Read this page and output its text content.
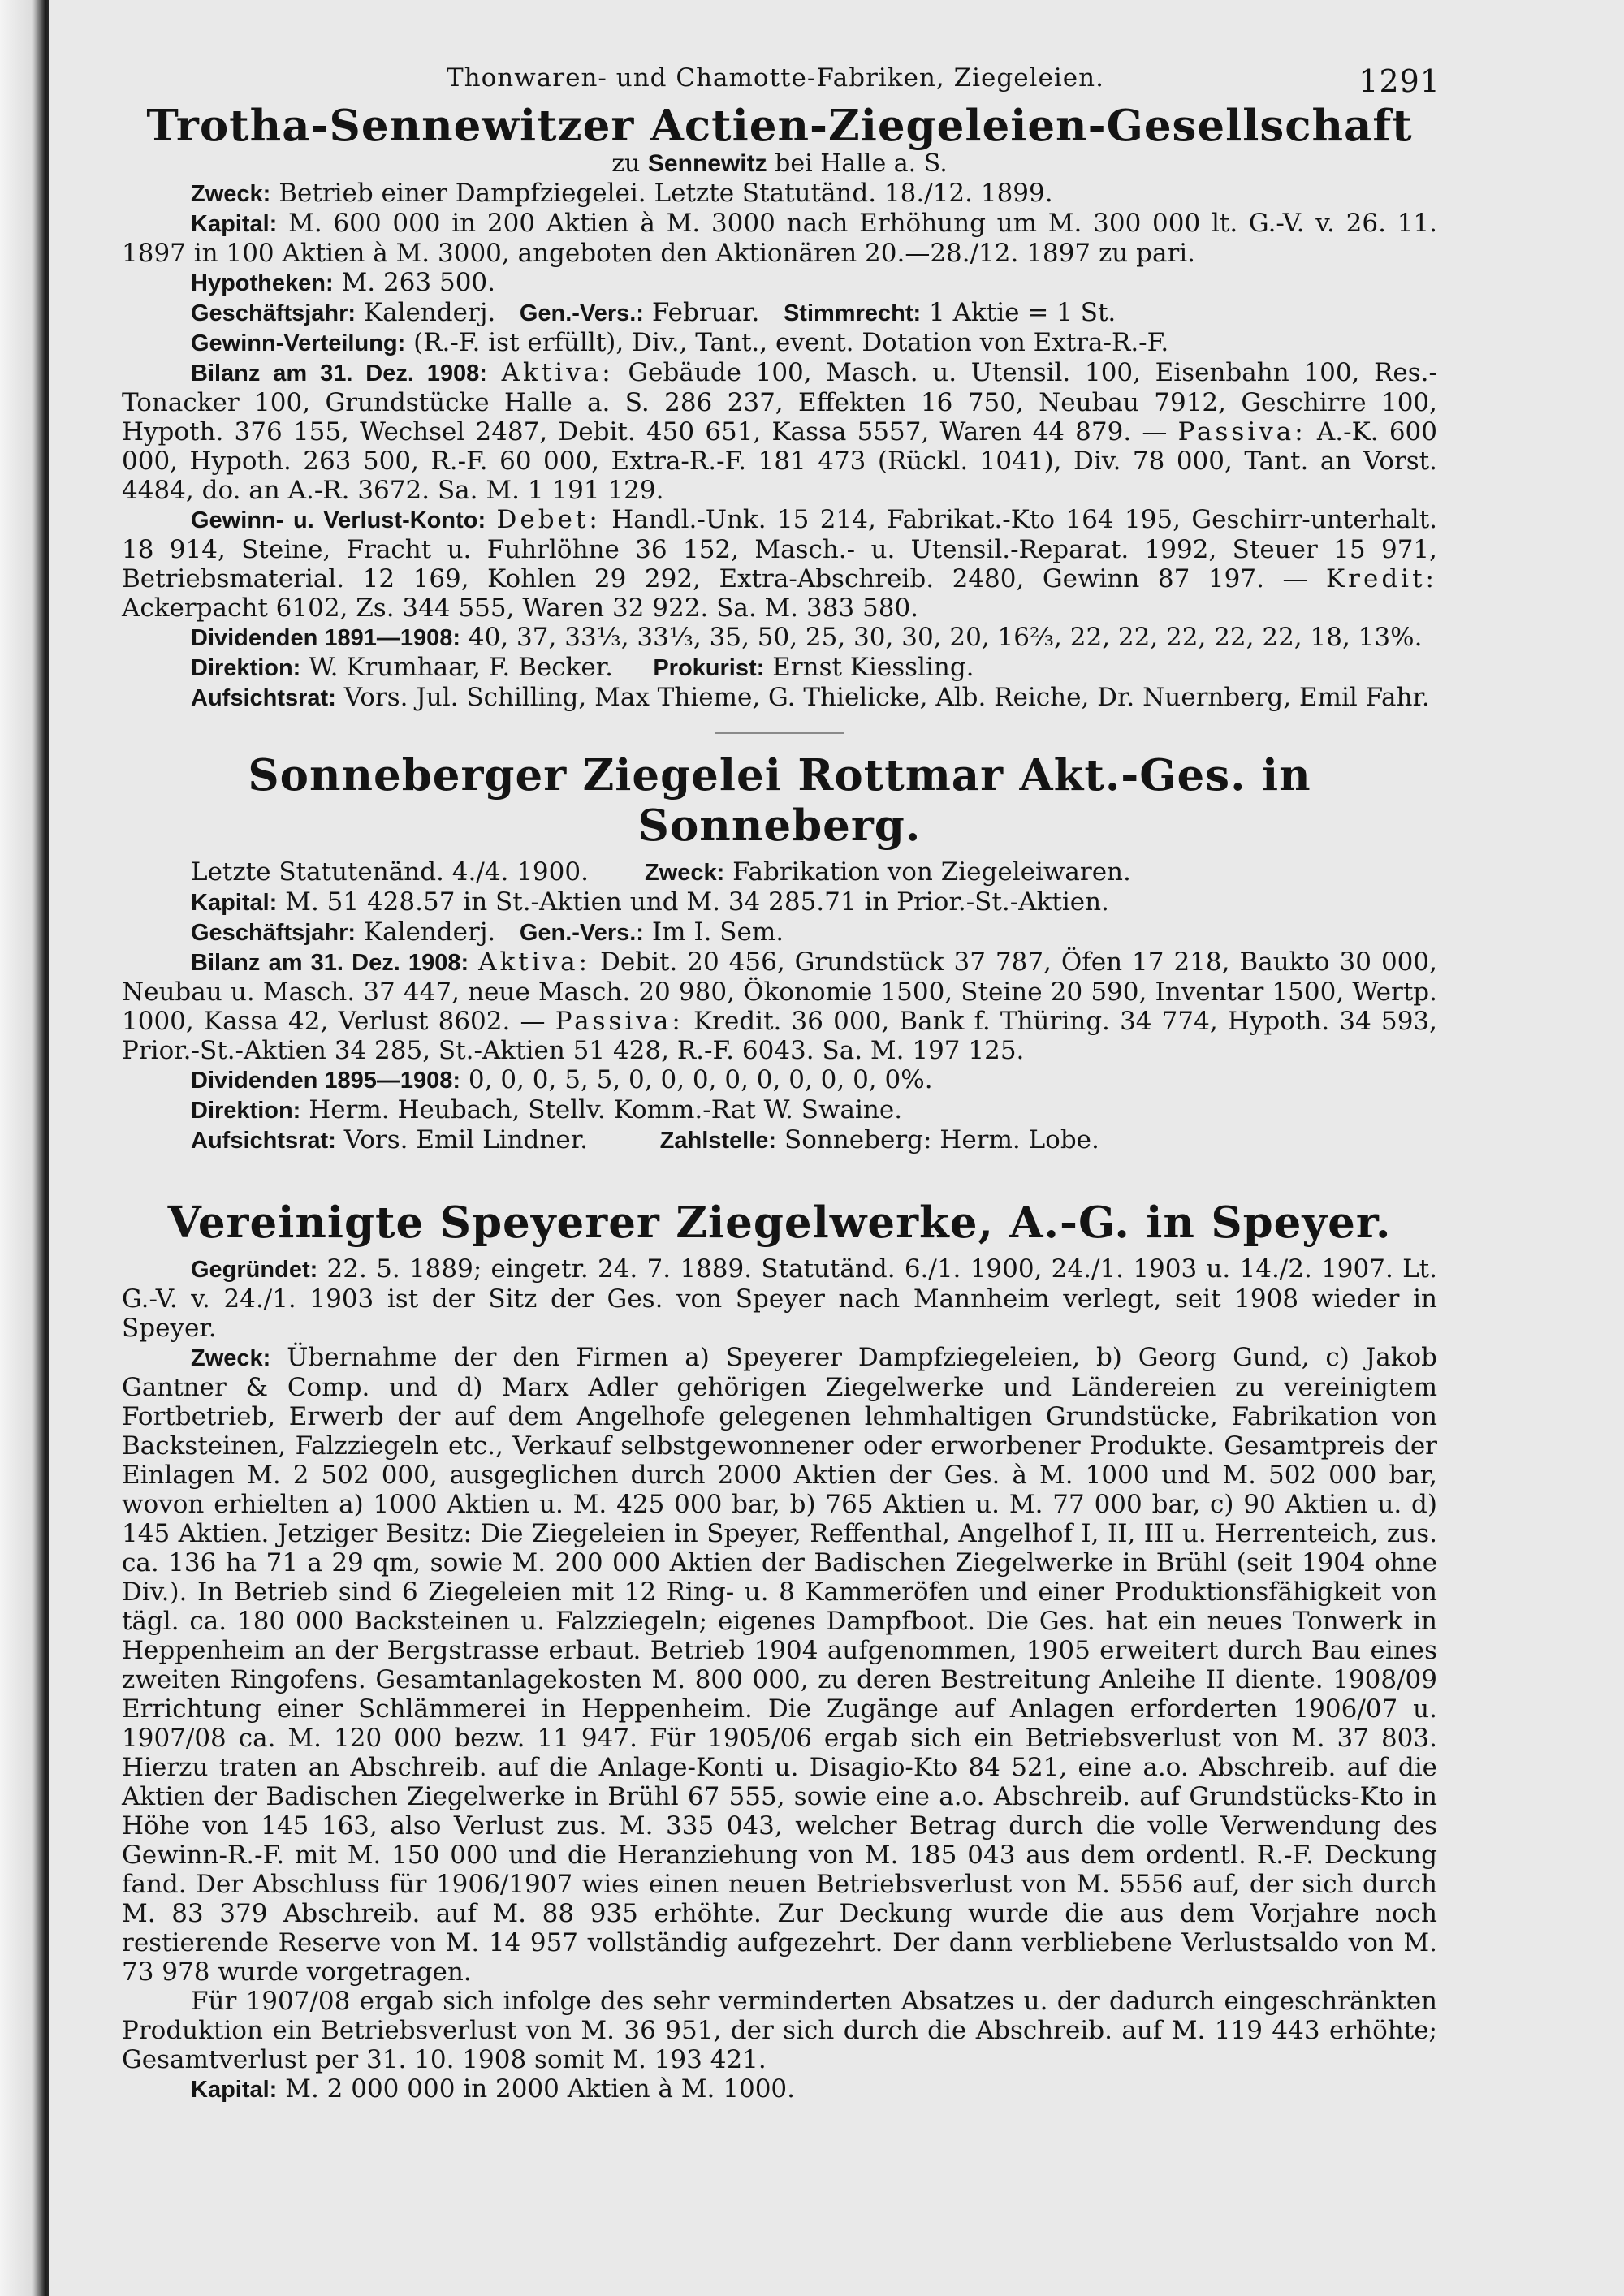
Thonwaren- und Chamotte-Fabriken, Ziegeleien.	1291
Trotha-Sennewitzer Actien-Ziegeleien-Gesellschaft
zu Sennewitz bei Halle a. S.

Zweck: Betrieb einer Dampfziegelei. Letzte Statutänd. 18./12. 1899.

Kapital: M. 600 000 in 200 Aktien à M. 3000 nach Erhöhung um M. 300 000 lt. G.-V. v. 26. 11. 1897 in 100 Aktien à M. 3000, angeboten den Aktionären 20.—28./12. 1897 zu pari.

Hypotheken: M. 263 500.

Geschäftsjahr: Kalenderj. Gen.-Vers.: Februar. Stimmrecht: 1 Aktie = 1 St.

Gewinn-Verteilung: (R.-F. ist erfüllt), Div., Tant., event. Dotation von Extra-R.-F.

Bilanz am 31. Dez. 1908: Aktiva: Gebäude 100, Masch. u. Utensil. 100, Eisenbahn 100, Res.-Tonacker 100, Grundstücke Halle a. S. 286 237, Effekten 16 750, Neubau 7912, Geschirre 100, Hypoth. 376 155, Wechsel 2487, Debit. 450 651, Kassa 5557, Waren 44 879. — Passiva: A.-K. 600 000, Hypoth. 263 500, R.-F. 60 000, Extra-R.-F. 181 473 (Rückl. 1041), Div. 78 000, Tant. an Vorst. 4484, do. an A.-R. 3672. Sa. M. 1 191 129.

Gewinn- u. Verlust-Konto: Debet: Handl.-Unk. 15 214, Fabrikat.-Kto 164 195, Geschirr-unterhalt. 18 914, Steine, Fracht u. Fuhrlöhne 36 152, Masch.- u. Utensil.-Reparat. 1992, Steuer 15 971, Betriebsmaterial. 12 169, Kohlen 29 292, Extra-Abschreib. 2480, Gewinn 87 197. — Kredit: Ackerpacht 6102, Zs. 344 555, Waren 32 922. Sa. M. 383 580.

Dividenden 1891—1908: 40, 37, 33⅓, 33⅓, 35, 50, 25, 30, 30, 20, 16⅔, 22, 22, 22, 22, 22, 18, 13%.

Direktion: W. Krumhaar, F. Becker. Prokurist: Ernst Kiessling.

Aufsichtsrat: Vors. Jul. Schilling, Max Thieme, G. Thielicke, Alb. Reiche, Dr. Nuernberg, Emil Fahr.

Sonneberger Ziegelei Rottmar Akt.-Ges. in Sonneberg.

Letzte Statutenänd. 4./4. 1900. Zweck: Fabrikation von Ziegeleiwaren.

Kapital: M. 51 428.57 in St.-Aktien und M. 34 285.71 in Prior.-St.-Aktien.

Geschäftsjahr: Kalenderj. Gen.-Vers.: Im I. Sem.

Bilanz am 31. Dez. 1908: Aktiva: Debit. 20 456, Grundstück 37 787, Öfen 17 218, Baukto 30 000, Neubau u. Masch. 37 447, neue Masch. 20 980, Ökonomie 1500, Steine 20 590, Inventar 1500, Wertp. 1000, Kassa 42, Verlust 8602. — Passiva: Kredit. 36 000, Bank f. Thüring. 34 774, Hypoth. 34 593, Prior.-St.-Aktien 34 285, St.-Aktien 51 428, R.-F. 6043. Sa. M. 197 125.

Dividenden 1895—1908: 0, 0, 0, 5, 5, 0, 0, 0, 0, 0, 0, 0, 0, 0%.

Direktion: Herm. Heubach, Stellv. Komm.-Rat W. Swaine.

Aufsichtsrat: Vors. Emil Lindner.	Zahlstelle: Sonneberg: Herm. Lobe.

Vereinigte Speyerer Ziegelwerke, A.-G. in Speyer.

Gegründet: 22. 5. 1889; eingetr. 24. 7. 1889. Statutänd. 6./1. 1900, 24./1. 1903 u. 14./2. 1907. Lt. G.-V. v. 24./1. 1903 ist der Sitz der Ges. von Speyer nach Mannheim verlegt, seit 1908 wieder in Speyer.

Zweck: Übernahme der den Firmen a) Speyerer Dampfziegeleien, b) Georg Gund, c) Jakob Gantner & Comp. und d) Marx Adler gehörigen Ziegelwerke und Ländereien zu vereinigtem Fortbetrieb, Erwerb der auf dem Angelhofe gelegenen lehmhaltigen Grundstücke, Fabrikation von Backsteinen, Falzziegeln etc., Verkauf selbstgewonnener oder erworbener Produkte. Gesamtpreis der Einlagen M. 2 502 000, ausgeglichen durch 2000 Aktien der Ges. à M. 1000 und M. 502 000 bar, wovon erhielten a) 1000 Aktien u. M. 425 000 bar, b) 765 Aktien u. M. 77 000 bar, c) 90 Aktien u. d) 145 Aktien. Jetziger Besitz: Die Ziegeleien in Speyer, Reffenthal, Angelhof I, II, III u. Herrenteich, zus. ca. 136 ha 71 a 29 qm, sowie M. 200 000 Aktien der Badischen Ziegelwerke in Brühl (seit 1904 ohne Div.). In Betrieb sind 6 Ziegeleien mit 12 Ring- u. 8 Kammeröfen und einer Produktionsfähigkeit von tägl. ca. 180 000 Backsteinen u. Falzziegeln; eigenes Dampfboot. Die Ges. hat ein neues Tonwerk in Heppenheim an der Bergstrasse erbaut. Betrieb 1904 aufgenommen, 1905 erweitert durch Bau eines zweiten Ringofens. Gesamtanlagekosten M. 800 000, zu deren Bestreitung Anleihe II diente. 1908/09 Errichtung einer Schlämmerei in Heppenheim. Die Zugänge auf Anlagen erforderten 1906/07 u. 1907/08 ca. M. 120 000 bezw. 11 947. Für 1905/06 ergab sich ein Betriebsverlust von M. 37 803. Hierzu traten an Abschreib. auf die Anlage-Konti u. Disagio-Kto 84 521, eine a.o. Abschreib. auf die Aktien der Badischen Ziegelwerke in Brühl 67 555, sowie eine a.o. Abschreib. auf Grundstücks-Kto in Höhe von 145 163, also Verlust zus. M. 335 043, welcher Betrag durch die volle Verwendung des Gewinn-R.-F. mit M. 150 000 und die Heranziehung von M. 185 043 aus dem ordentl. R.-F. Deckung fand. Der Abschluss für 1906/1907 wies einen neuen Betriebsverlust von M. 5556 auf, der sich durch M. 83 379 Abschreib. auf M. 88 935 erhöhte. Zur Deckung wurde die aus dem Vorjahre noch restierende Reserve von M. 14 957 vollständig aufgezehrt. Der dann verbliebene Verlustsaldo von M. 73 978 wurde vorgetragen.

Für 1907/08 ergab sich infolge des sehr verminderten Absatzes u. der dadurch eingeschränkten Produktion ein Betriebsverlust von M. 36 951, der sich durch die Abschreib. auf M. 119 443 erhöhte; Gesamtverlust per 31. 10. 1908 somit M. 193 421.

Kapital: M. 2 000 000 in 2000 Aktien à M. 1000.
